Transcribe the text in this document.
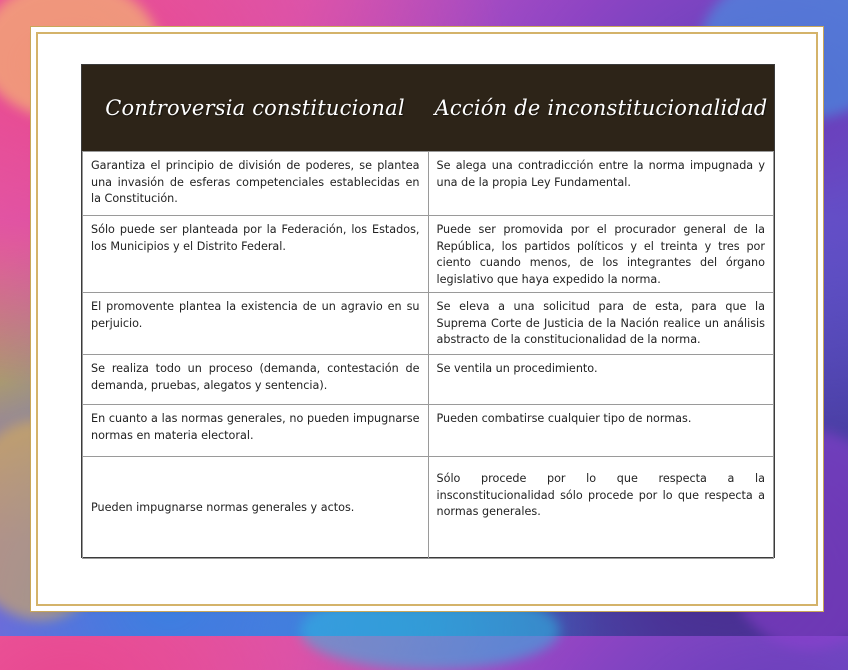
Controversia constitucional	Acción de inconstitucionalidad
Garantiza el principio de división de poderes, se plantea una invasión de esferas competenciales establecidas en la Constitución.	Se alega una contradicción entre la norma impugnada y una de la propia Ley Fundamental.
Sólo puede ser planteada por la Federación, los Estados, los Municipios y el Distrito Federal.	Puede ser promovida por el procurador general de la República, los partidos políticos y el treinta y tres por ciento cuando menos, de los integrantes del órgano legislativo que haya expedido la norma.
El promovente plantea la existencia de un agravio en su perjuicio.	Se eleva a una solicitud para de esta, para que la Suprema Corte de Justicia de la Nación realice un análisis abstracto de la constitucionalidad de la norma.
Se realiza todo un proceso (demanda, contestación de demanda, pruebas, alegatos y sentencia).	Se ventila un procedimiento.
En cuanto a las normas generales, no pueden impugnarse normas en materia electoral.	Pueden combatirse cualquier tipo de normas.
Pueden impugnarse normas generales y actos.	Sólo procede por lo que respecta a la insconstitucionalidad sólo procede por lo que respecta a normas generales.
